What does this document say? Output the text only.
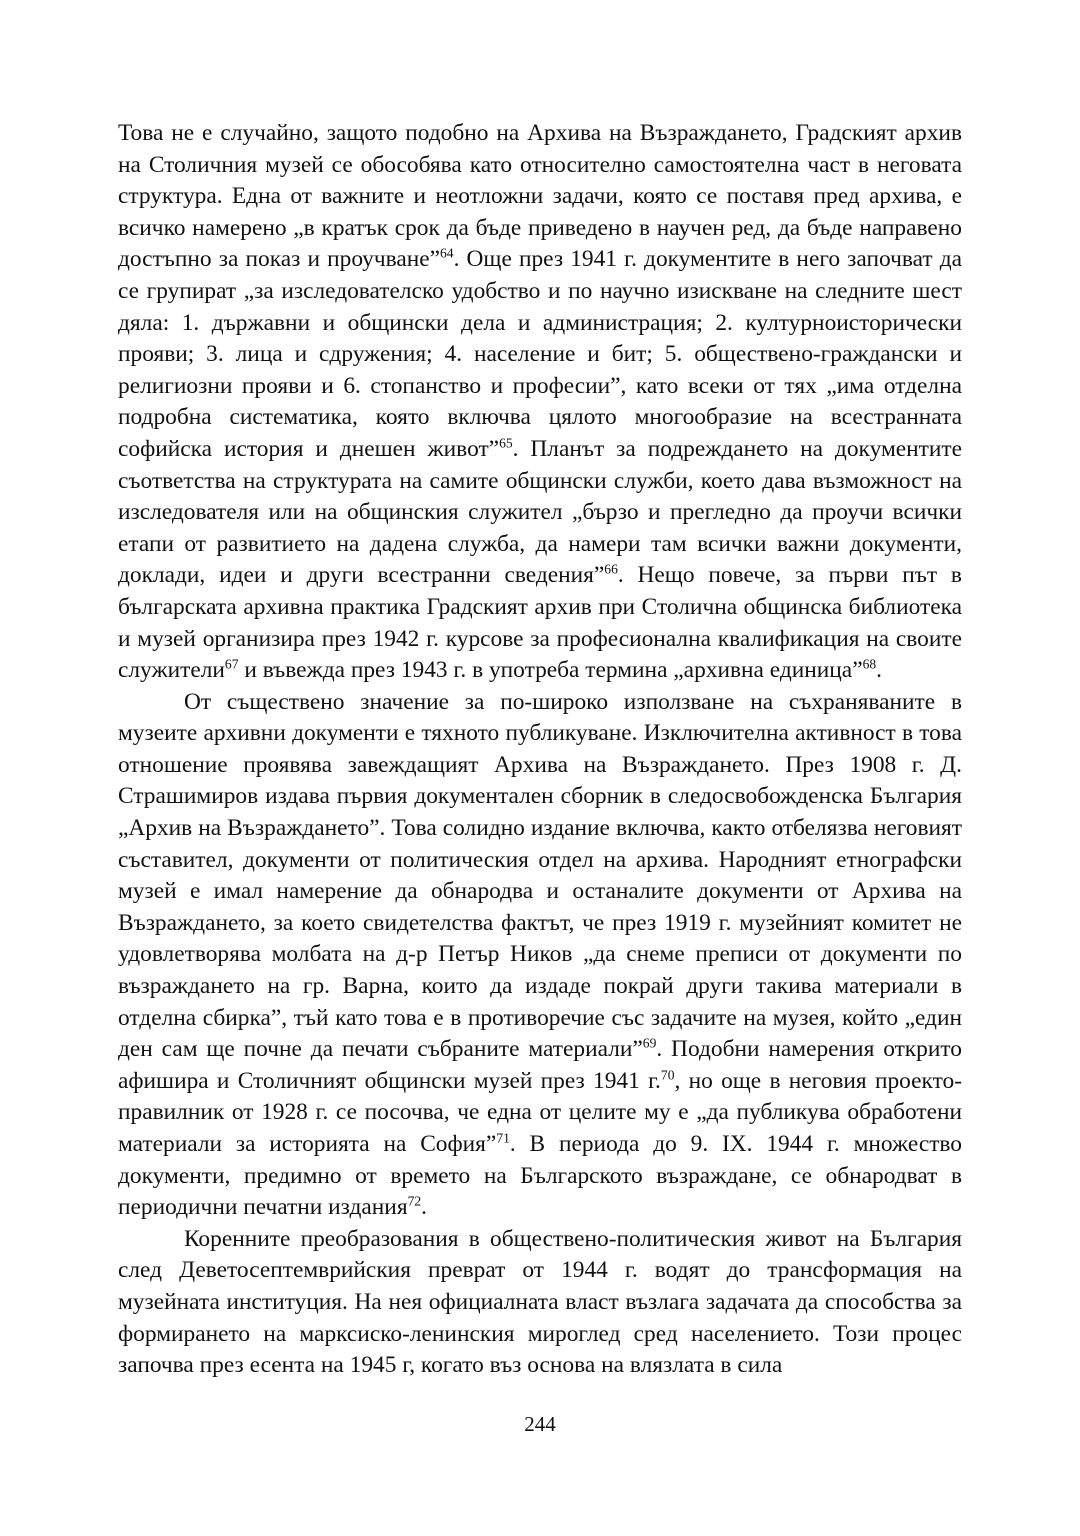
Това не е случайно, защото подобно на Архива на Възраждането, Градският архив на Столичния музей се обособява като относително самостоятелна част в неговата структура. Една от важните и неотложни задачи, която се поставя пред архива, е всичко намерено „в кратък срок да бъде приведено в научен ред, да бъде направено достъпно за показ и проучване”$^{64}$. Още през 1941 г. документите в него започват да се групират „за изследователско удобство и по научно изискване на следните шест дяла: 1. държавни и общински дела и администрация; 2. културноисторически прояви; 3. лица и сдружения; 4. население и бит; 5. обществено-граждански и религиозни прояви и 6. стопанство и професии”, като всеки от тях „има отделна подробна систематика, която включва цялото многообразие на всестранната софийска история и днешен живот”$^{65}$. Планът за подреждането на документите съответства на структурата на самите общински служби, което дава възможност на изследователя или на общинския служител „бързо и прегледно да проучи всички етапи от развитието на дадена служба, да намери там всички важни документи, доклади, идеи и други всестранни сведения”$^{66}$. Нещо повече, за първи път в българската архивна практика Градският архив при Столична общинска библиотека и музей организира през 1942 г. курсове за професионална квалификация на своите служители$^{67}$ и въвежда през 1943 г. в употреба термина „архивна единица”$^{68}$.

От съществено значение за по-широко използване на съхраняваните в музеите архивни документи е тяхното публикуване. Изключителна активност в това отношение проявява завеждащият Архива на Възраждането. През 1908 г. Д. Страшимиров издава първия документален сборник в следосвобожденска България „Архив на Възраждането”. Това солидно издание включва, както отбелязва неговият съставител, документи от политическия отдел на архива. Народният етнографски музей е имал намерение да обнародва и останалите документи от Архива на Възраждането, за което свидетелства фактът, че през 1919 г. музейният комитет не удовлетворява молбата на д-р Петър Ников „да снеме преписи от документи по възраждането на гр. Варна, които да издаде покрай други такива материали в отделна сбирка”, тъй като това е в противоречие със задачите на музея, който „един ден сам ще почне да печати събраните материали”$^{69}$. Подобни намерения открито афишира и Столичният общински музей през 1941 г.$^{70}$, но още в неговия проекто-правилник от 1928 г. се посочва, че една от целите му е „да публикува обработени материали за историята на София”$^{71}$. В периода до 9. IX. 1944 г. множество документи, предимно от времето на Българското възраждане, се обнародват в периодични печатни издания$^{72}$.

Коренните преобразования в обществено-политическия живот на България след Деветосептемврийския преврат от 1944 г. водят до трансформация на музейната институция. На нея официалната власт възлага задачата да способства за формирането на марксиско-ленинския мироглед сред населението. Този процес започва през есента на 1945 г, когато въз основа на влязлата в сила

244
